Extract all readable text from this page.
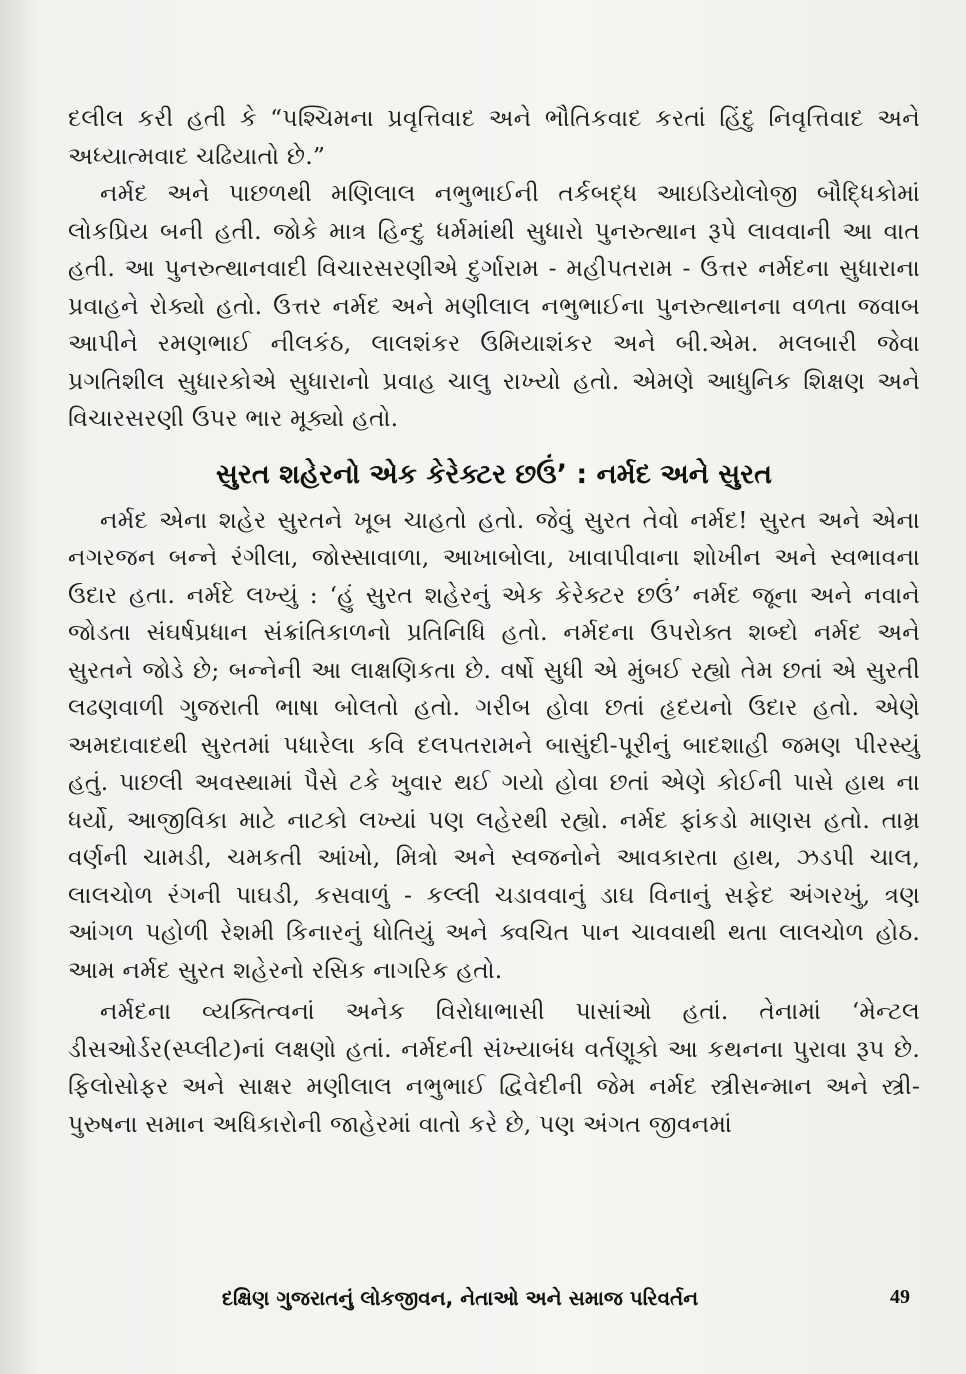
દલીલ કરી હતી કે “પશ્ચિમના પ્રવૃત્તિવાદ અને ભૌતિકવાદ કરતાં હિંદુ નિવૃત્તિવાદ અને અધ્યાત્મવાદ ચઢિયાતો છે.”

નર્મદ અને પાછળથી મણિલાલ નભુભાઈની તર્કબદ્ધ આઇડિયોલોજી બૌદ્ધિકોમાં લોકપ્રિય બની હતી. જોકે માત્ર હિન્દુ ધર્મમાંથી સુધારો પુનરુત્થાન રૂપે લાવવાની આ વાત હતી. આ પુનરુત્થાનવાદી વિચારસરણીએ દુર્ગારામ - મહીપતરામ - ઉત્તર નર્મદના સુધારાના પ્રવાહને રોક્યો હતો. ઉત્તર નર્મદ અને મણીલાલ નભુભાઈના પુનરુત્થાનના વળતા જવાબ આપીને રમણભાઈ નીલકંઠ, લાલશંકર ઉમિયાશંકર અને બી.એમ. મલબારી જેવા પ્રગતિશીલ સુધારકોએ સુધારાનો પ્રવાહ ચાલુ રાખ્યો હતો. એમણે આધુનિક શિક્ષણ અને વિચારસરણી ઉપર ભાર મૂક્યો હતો.

સુરત શહેરનો એક કેરેક્ટર છઉં’ : નર્મદ અને સુરત

નર્મદ એના શહેર સુરતને ખૂબ ચાહતો હતો. જેવું સુરત તેવો નર્મદ! સુરત અને એના નગરજન બન્ને રંગીલા, જોસ્સાવાળા, આખાબોલા, ખાવાપીવાના શોખીન અને સ્વભાવના ઉદાર હતા. નર્મદે લખ્યું : ‘હું સુરત શહેરનું એક કેરેક્ટર છઉં’ નર્મદ જૂના અને નવાને જોડતા સંઘર્ષપ્રધાન સંક્રાંતિકાળનો પ્રતિનિધિ હતો. નર્મદના ઉપરોક્ત શબ્દો નર્મદ અને સુરતને જોડે છે; બન્નેની આ લાક્ષણિકતા છે. વર્ષો સુધી એ મુંબઈ રહ્યો તેમ છતાં એ સુરતી લઢણવાળી ગુજરાતી ભાષા બોલતો હતો. ગરીબ હોવા છતાં હૃદયનો ઉદાર હતો. એણે અમદાવાદથી સુરતમાં પધારેલા કવિ દલપતરામને બાસુંદી-પૂરીનું બાદશાહી જમણ પીરસ્યું હતું. પાછલી અવસ્થામાં પૈસે ટકે ખુવાર થઈ ગયો હોવા છતાં એણે કોઈની પાસે હાથ ના ધર્યો, આજીવિકા માટે નાટકો લખ્યાં પણ લહેરથી રહ્યો. નર્મદ ફાંકડો માણસ હતો. તામ્ર વર્ણની ચામડી, ચમકતી આંખો, મિત્રો અને સ્વજનોને આવકારતા હાથ, ઝડપી ચાલ, લાલચોળ રંગની પાઘડી, કસવાળું - કલ્લી ચડાવવાનું ડાઘ વિનાનું સફેદ અંગરખું, ત્રણ આંગળ પહોળી રેશમી કિનારનું ધોતિયું અને ક્વચિત પાન ચાવવાથી થતા લાલચોળ હોઠ. આમ નર્મદ સુરત શહેરનો રસિક નાગરિક હતો.

નર્મદના વ્યક્તિત્વનાં અનેક વિરોધાભાસી પાસાંઓ હતાં. તેનામાં ‘મેન્ટલ ડીસઓર્ડર(સ્પ્લીટ)નાં લક્ષણો હતાં. નર્મદની સંખ્યાબંધ વર્તણૂકો આ કથનના પુરાવા રૂપ છે. ફિલોસોફર અને સાક્ષર મણીલાલ નભુભાઈ દ્વિવેદીની જેમ નર્મદ સ્ત્રીસન્માન અને સ્ત્રી-પુરુષના સમાન અધિકારોની જાહેરમાં વાતો કરે છે, પણ અંગત જીવનમાં

દક્ષિણ ગુજરાતનું લોકજીવન, નેતાઓ અને સમાજ પરિવર્તન	49
